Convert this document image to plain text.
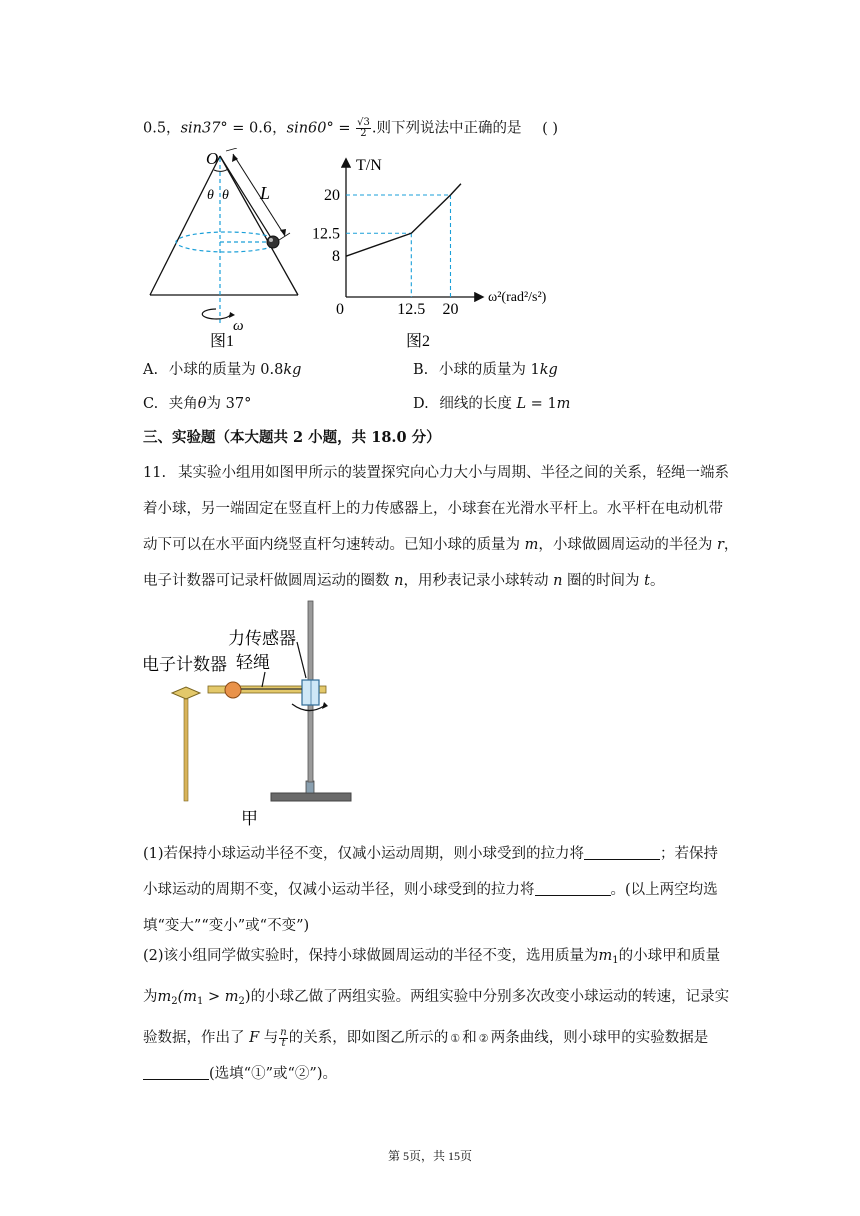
0.5，sin37° = 0.6，$\sin 60^\circ = \frac{√3}{2}$ .则下列说法中正确的是 ( )
O
θ θ L
ω
图1
20
12.5
8
12.5 20
T/N
ω²(rad²/s²)
0
图2
A. 小球的质量为 0.8kg	B. 小球的质量为 1kg
C. 夹角θ为 37°	D. 细线的长度 L = 1m
三、实验题（本大题共 2 小题，共 18.0 分）
11. 某实验小组用如图甲所示的装置探究向心力大小与周期、半径之间的关系，轻绳一端系
着小球，另一端固定在竖直杆上的力传感器上，小球套在光滑水平杆上。水平杆在电动机带
动下可以在水平面内绕竖直杆匀速转动。已知小球的质量为 m，小球做圆周运动的半径为 r，
电子计数器可记录杆做圆周运动的圈数 n，用秒表记录小球转动 n 圈的时间为 t。
力传感器
电子计数器 轻绳
甲
(1)若保持小球运动半径不变，仅减小运动周期，则小球受到的拉力将	；若保持
小球运动的周期不变，仅减小运动半径，则小球受到的拉力将	。(以上两空均选
填“变大”“变小”或“不变”)
(2)该小组同学做实验时，保持小球做圆周运动的半径不变，选用质量为$m_1$的小球甲和质量
为$m_2(m_1 > m_2)$的小球乙做了两组实验。两组实验中分别多次改变小球运动的转速，记录实
验数据，作出了 F 与 $\frac{n}{t}$ 的关系，即如图乙所示的 ① 和 ② 两条曲线，则小球甲的实验数据是
(选填“①”或“②”)。
第 5页，共 15页
